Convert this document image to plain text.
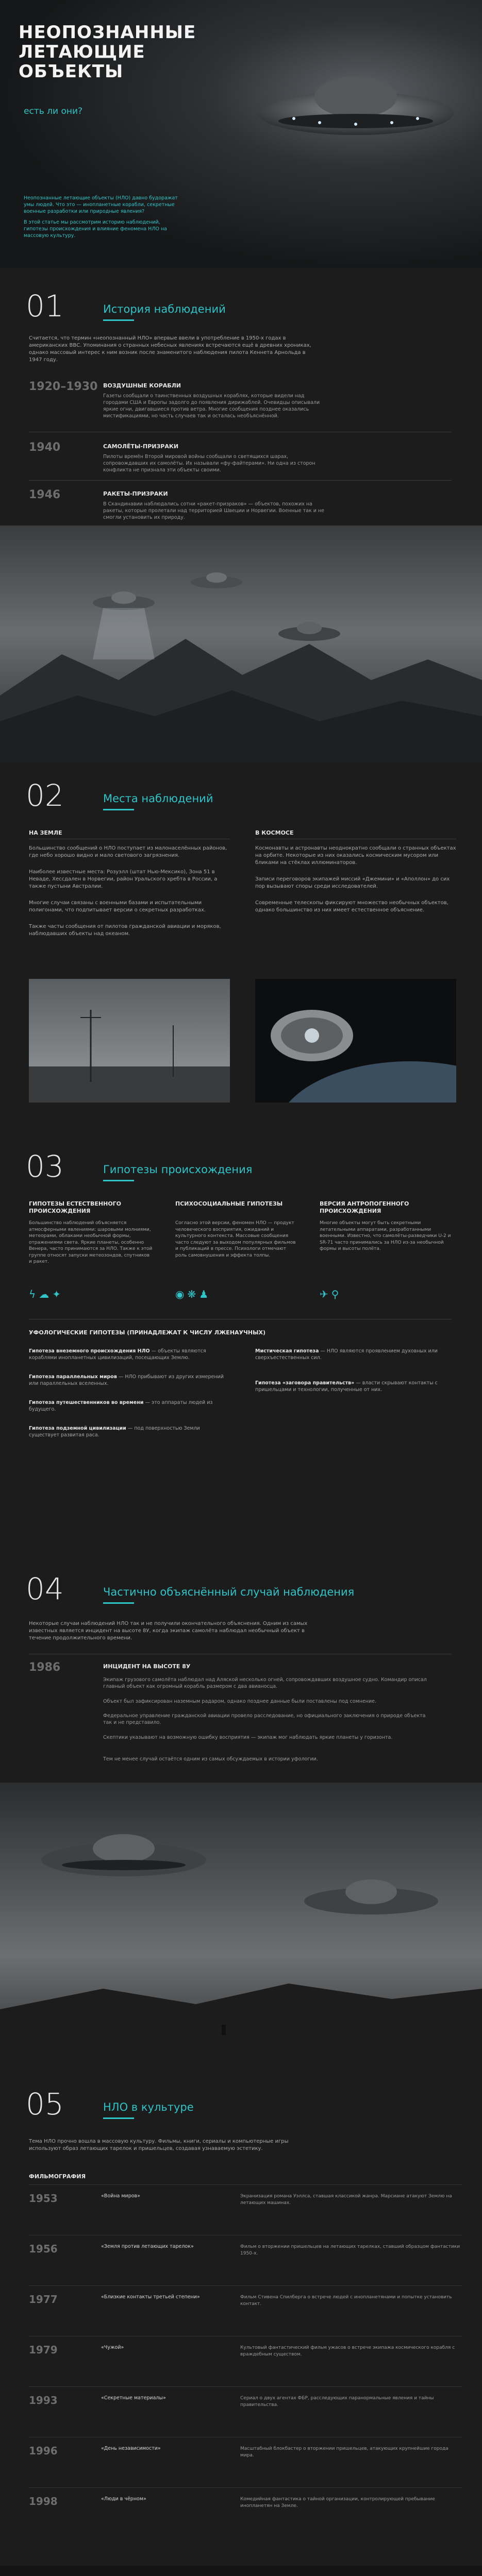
НЕОПОЗНАННЫЕ ЛЕТАЮЩИЕ ОБЪЕКТЫ
есть ли они?

Неопознанные летающие объекты (НЛО) давно будоражат умы людей. Что это — инопланетные корабли, секретные военные разработки или природные явления?

В этой статье мы рассмотрим историю наблюдений, гипотезы происхождения и влияние феномена НЛО на массовую культуру.

01	История наблюдений
Считается, что термин «неопознанный НЛО» впервые ввели в употребление в 1950-х годах в американских ВВС. Упоминания о странных небесных явлениях встречаются ещё в древних хрониках, однако массовый интерес к ним возник после знаменитого наблюдения пилота Кеннета Арнольда в 1947 году.
1920–1930 ВОЗДУШНЫЕ КОРАБЛИ
Газеты сообщали о таинственных воздушных кораблях, которые видели над городами США и Европы задолго до появления дирижаблей. Очевидцы описывали яркие огни, двигавшиеся против ветра. Многие сообщения позднее оказались мистификациями, но часть случаев так и осталась необъяснённой.
1940	САМОЛЁТЫ-ПРИЗРАКИ
Пилоты времён Второй мировой войны сообщали о светящихся шарах, сопровождавших их самолёты. Их называли «фу-файтерами». Ни одна из сторон конфликта не признала эти объекты своими.
1946	РАКЕТЫ-ПРИЗРАКИ
В Скандинавии наблюдались сотни «ракет-призраков» — объектов, похожих на ракеты, которые пролетали над территорией Швеции и Норвегии. Военные так и не смогли установить их природу.
02	Места наблюдений
НА ЗЕМЛЕ
Большинство сообщений о НЛО поступает из малонаселённых районов, где небо хорошо видно и мало светового загрязнения.
Наиболее известные места: Розуэлл (штат Нью-Мексико), Зона 51 в Неваде, Хессдален в Норвегии, район Уральского хребта в России, а также пустыни Австралии.
Многие случаи связаны с военными базами и испытательными полигонами, что подпитывает версии о секретных разработках.
Также часты сообщения от пилотов гражданской авиации и моряков, наблюдавших объекты над океаном.
В КОСМОСЕ
Космонавты и астронавты неоднократно сообщали о странных объектах на орбите. Некоторые из них оказались космическим мусором или бликами на стёклах иллюминаторов.
Записи переговоров экипажей миссий «Джемини» и «Аполлон» до сих пор вызывают споры среди исследователей.
Современные телескопы фиксируют множество необычных объектов, однако большинство из них имеет естественное объяснение.
03	Гипотезы происхождения
ГИПОТЕЗЫ ЕСТЕСТВЕННОГО ПРОИСХОЖДЕНИЯ
Большинство наблюдений объясняется атмосферными явлениями: шаровыми молниями, метеорами, облаками необычной формы, отражениями света. Яркие планеты, особенно Венера, часто принимаются за НЛО. Также к этой группе относят запуски метеозондов, спутников и ракет.
ϟ ☁ ✦
ПСИХОСОЦИАЛЬНЫЕ ГИПОТЕЗЫ
Согласно этой версии, феномен НЛО — продукт человеческого восприятия, ожиданий и культурного контекста. Массовые сообщения часто следуют за выходом популярных фильмов и публикаций в прессе. Психологи отмечают роль самовнушения и эффекта толпы.
◉ ❋ ♟
ВЕРСИЯ АНТРОПОГЕННОГО ПРОИСХОЖДЕНИЯ
Многие объекты могут быть секретными летательными аппаратами, разработанными военными. Известно, что самолёты-разведчики U-2 и SR-71 часто принимались за НЛО из-за необычной формы и высоты полёта.
✈ ⚲
УФОЛОГИЧЕСКИЕ ГИПОТЕЗЫ (ПРИНАДЛЕЖАТ К ЧИСЛУ ЛЖЕНАУЧНЫХ)
Гипотеза внеземного происхождения НЛО — объекты являются кораблями инопланетных цивилизаций, посещающих Землю.
Гипотеза параллельных миров — НЛО прибывают из других измерений или параллельных вселенных.
Гипотеза путешественников во времени — это аппараты людей из будущего.
Гипотеза подземной цивилизации — под поверхностью Земли существует развитая раса.
Мистическая гипотеза — НЛО являются проявлением духовных или сверхъестественных сил.
Гипотеза «заговора правительств» — власти скрывают контакты с пришельцами и технологии, полученные от них.
04	Частично объяснённый случай наблюдения
Некоторые случаи наблюдений НЛО так и не получили окончательного объяснения. Одним из самых известных является инцидент на высоте 8У, когда экипаж самолёта наблюдал необычный объект в течение продолжительного времени.
1986	ИНЦИДЕНТ НА ВЫСОТЕ 8У
Экипаж грузового самолёта наблюдал над Аляской несколько огней, сопровождавших воздушное судно. Командир описал главный объект как огромный корабль размером с два авианосца.
Объект был зафиксирован наземным радаром, однако позднее данные были поставлены под сомнение.
Федеральное управление гражданской авиации провело расследование, но официального заключения о природе объекта так и не представило.
Скептики указывают на возможную ошибку восприятия — экипаж мог наблюдать яркие планеты у горизонта.
Тем не менее случай остаётся одним из самых обсуждаемых в истории уфологии.
05	НЛО в культуре
Тема НЛО прочно вошла в массовую культуру. Фильмы, книги, сериалы и компьютерные игры используют образ летающих тарелок и пришельцев, создавая узнаваемую эстетику.
ФИЛЬМОГРАФИЯ
1953	«Война миров»	Экранизация романа Уэллса, ставшая классикой жанра. Марсиане атакуют Землю на летающих машинах.
1956	«Земля против летающих тарелок»	Фильм о вторжении пришельцев на летающих тарелках, ставший образцом фантастики 1950-х.
1977	«Близкие контакты третьей степени»	Фильм Стивена Спилберга о встрече людей с инопланетянами и попытке установить контакт.
1979	«Чужой»	Культовый фантастический фильм ужасов о встрече экипажа космического корабля с враждебным существом.
1993	«Секретные материалы»	Сериал о двух агентах ФБР, расследующих паранормальные явления и тайны правительства.
1996	«День независимости»	Масштабный блокбастер о вторжении пришельцев, атакующих крупнейшие города мира.
1998	«Люди в чёрном»	Комедийная фантастика о тайной организации, контролирующей пребывание инопланетян на Земле.
